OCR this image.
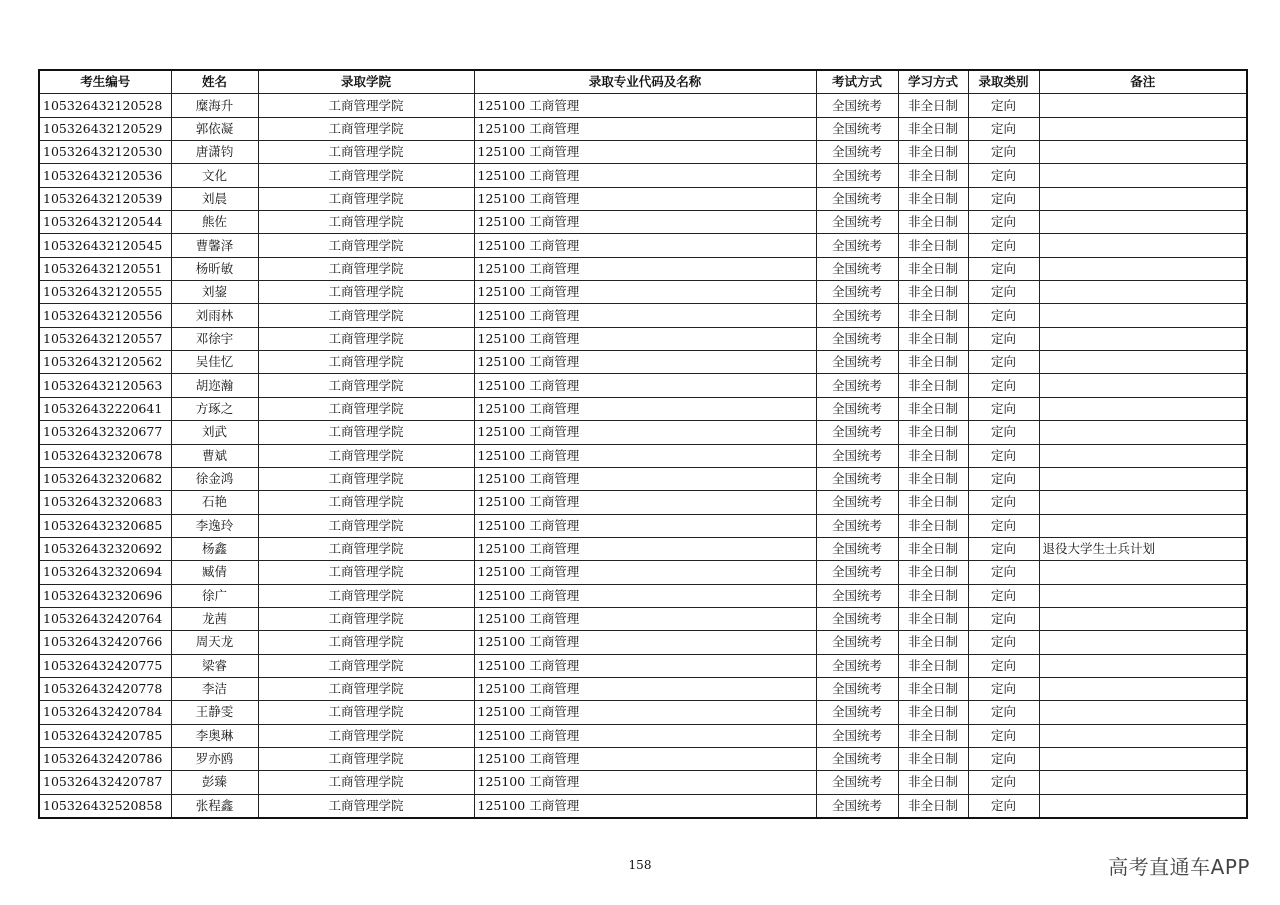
考生编号	姓名	录取学院	录取专业代码及名称	考试方式	学习方式	录取类别	备注
105326432120528	糜海升	工商管理学院	125100 工商管理	全国统考	非全日制	定向	
105326432120529	郭依凝	工商管理学院	125100 工商管理	全国统考	非全日制	定向	
105326432120530	唐潇钧	工商管理学院	125100 工商管理	全国统考	非全日制	定向	
105326432120536	文化	工商管理学院	125100 工商管理	全国统考	非全日制	定向	
105326432120539	刘晨	工商管理学院	125100 工商管理	全国统考	非全日制	定向	
105326432120544	熊佐	工商管理学院	125100 工商管理	全国统考	非全日制	定向	
105326432120545	曹馨泽	工商管理学院	125100 工商管理	全国统考	非全日制	定向	
105326432120551	杨昕敏	工商管理学院	125100 工商管理	全国统考	非全日制	定向	
105326432120555	刘鋆	工商管理学院	125100 工商管理	全国统考	非全日制	定向	
105326432120556	刘雨林	工商管理学院	125100 工商管理	全国统考	非全日制	定向	
105326432120557	邓徐宇	工商管理学院	125100 工商管理	全国统考	非全日制	定向	
105326432120562	吴佳忆	工商管理学院	125100 工商管理	全国统考	非全日制	定向	
105326432120563	胡迩瀚	工商管理学院	125100 工商管理	全国统考	非全日制	定向	
105326432220641	方琢之	工商管理学院	125100 工商管理	全国统考	非全日制	定向	
105326432320677	刘武	工商管理学院	125100 工商管理	全国统考	非全日制	定向	
105326432320678	曹斌	工商管理学院	125100 工商管理	全国统考	非全日制	定向	
105326432320682	徐金鸿	工商管理学院	125100 工商管理	全国统考	非全日制	定向	
105326432320683	石艳	工商管理学院	125100 工商管理	全国统考	非全日制	定向	
105326432320685	李逸玲	工商管理学院	125100 工商管理	全国统考	非全日制	定向	
105326432320692	杨鑫	工商管理学院	125100 工商管理	全国统考	非全日制	定向	退役大学生士兵计划
105326432320694	臧倩	工商管理学院	125100 工商管理	全国统考	非全日制	定向	
105326432320696	徐广	工商管理学院	125100 工商管理	全国统考	非全日制	定向	
105326432420764	龙茜	工商管理学院	125100 工商管理	全国统考	非全日制	定向	
105326432420766	周天龙	工商管理学院	125100 工商管理	全国统考	非全日制	定向	
105326432420775	梁睿	工商管理学院	125100 工商管理	全国统考	非全日制	定向	
105326432420778	李洁	工商管理学院	125100 工商管理	全国统考	非全日制	定向	
105326432420784	王静雯	工商管理学院	125100 工商管理	全国统考	非全日制	定向	
105326432420785	李奥琳	工商管理学院	125100 工商管理	全国统考	非全日制	定向	
105326432420786	罗亦鸥	工商管理学院	125100 工商管理	全国统考	非全日制	定向	
105326432420787	彭臻	工商管理学院	125100 工商管理	全国统考	非全日制	定向	
105326432520858	张程鑫	工商管理学院	125100 工商管理	全国统考	非全日制	定向	
158	高考直通车APP
